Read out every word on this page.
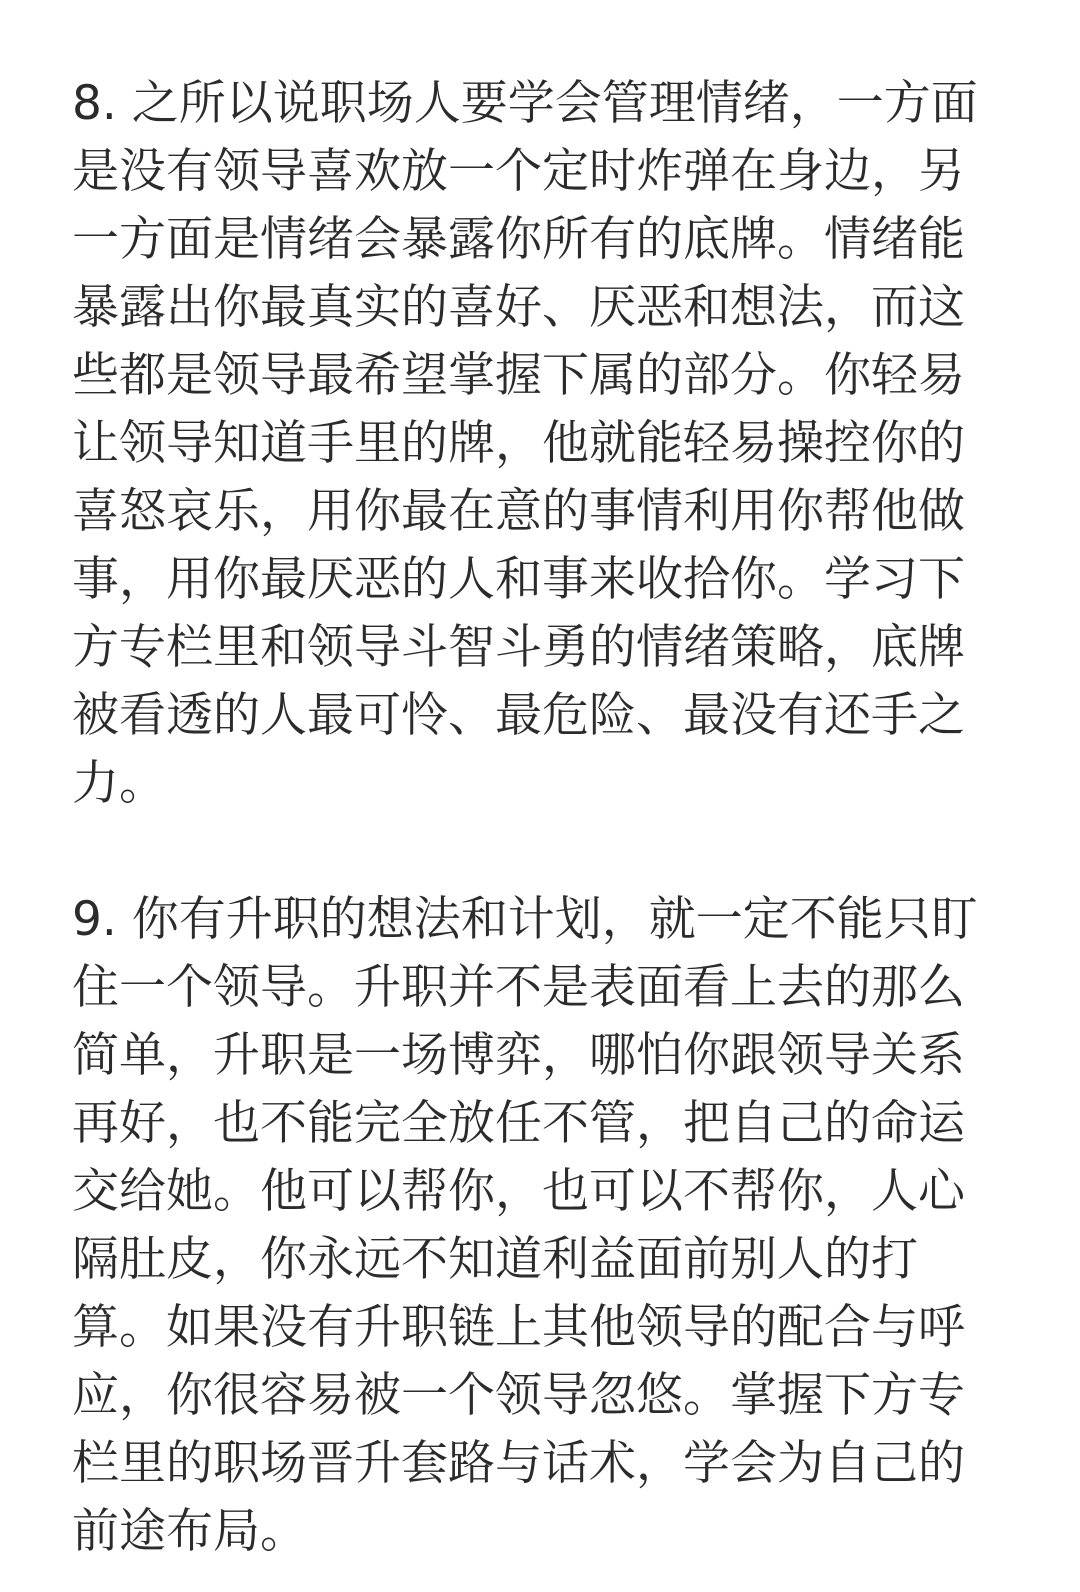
8. 之所以说职场人要学会管理情绪，一方面是没有领导喜欢放一个定时炸弹在身边，另一方面是情绪会暴露你所有的底牌。情绪能暴露出你最真实的喜好、厌恶和想法，而这些都是领导最希望掌握下属的部分。你轻易让领导知道手里的牌，他就能轻易操控你的喜怒哀乐，用你最在意的事情利用你帮他做事，用你最厌恶的人和事来收拾你。学习下方专栏里和领导斗智斗勇的情绪策略，底牌被看透的人最可怜、最危险、最没有还手之力。

9. 你有升职的想法和计划，就一定不能只盯住一个领导。升职并不是表面看上去的那么简单，升职是一场博弈，哪怕你跟领导关系再好，也不能完全放任不管，把自己的命运交给她。他可以帮你，也可以不帮你，人心隔肚皮，你永远不知道利益面前别人的打算。如果没有升职链上其他领导的配合与呼应，你很容易被一个领导忽悠。掌握下方专栏里的职场晋升套路与话术，学会为自己的前途布局。
